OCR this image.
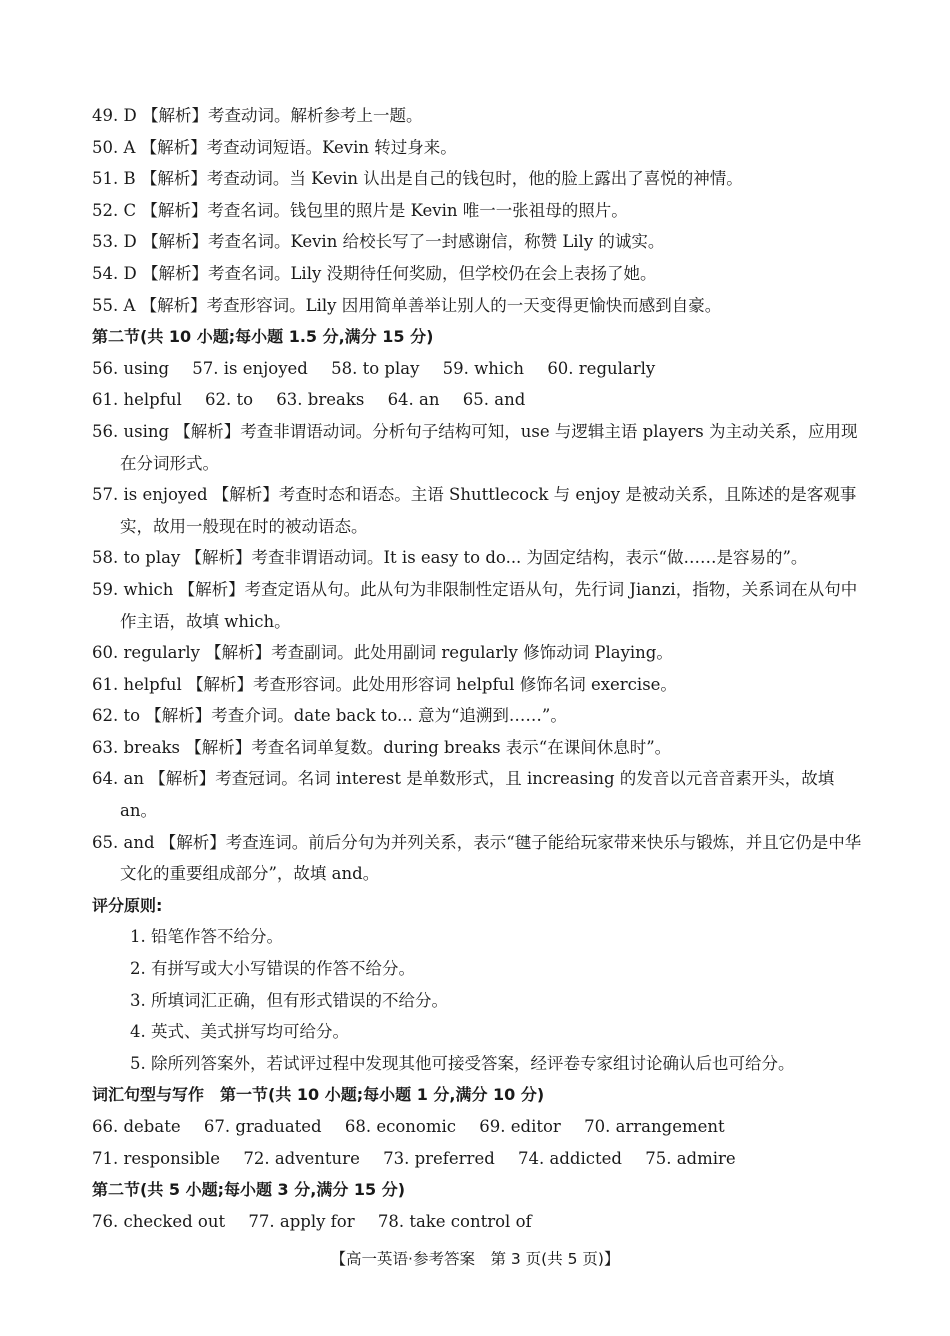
49. D 【解析】考查动词。解析参考上一题。
50. A 【解析】考查动词短语。Kevin 转过身来。
51. B 【解析】考查动词。当 Kevin 认出是自己的钱包时，他的脸上露出了喜悦的神情。
52. C 【解析】考查名词。钱包里的照片是 Kevin 唯一一张祖母的照片。
53. D 【解析】考查名词。Kevin 给校长写了一封感谢信，称赞 Lily 的诚实。
54. D 【解析】考查名词。Lily 没期待任何奖励，但学校仍在会上表扬了她。
55. A 【解析】考查形容词。Lily 因用简单善举让别人的一天变得更愉快而感到自豪。
第二节(共 10 小题;每小题 1.5 分,满分 15 分)
56. using 57. is enjoyed 58. to play 59. which 60. regularly
61. helpful 62. to 63. breaks 64. an 65. and
56. using 【解析】考查非谓语动词。分析句子结构可知，use 与逻辑主语 players 为主动关系，应用现在分词形式。
57. is enjoyed 【解析】考查时态和语态。主语 Shuttlecock 与 enjoy 是被动关系，且陈述的是客观事实，故用一般现在时的被动语态。
58. to play 【解析】考查非谓语动词。It is easy to do... 为固定结构，表示“做……是容易的”。
59. which 【解析】考查定语从句。此从句为非限制性定语从句，先行词 Jianzi，指物，关系词在从句中作主语，故填 which。
60. regularly 【解析】考查副词。此处用副词 regularly 修饰动词 Playing。
61. helpful 【解析】考查形容词。此处用形容词 helpful 修饰名词 exercise。
62. to 【解析】考查介词。date back to... 意为“追溯到……”。
63. breaks 【解析】考查名词单复数。during breaks 表示“在课间休息时”。
64. an 【解析】考查冠词。名词 interest 是单数形式，且 increasing 的发音以元音音素开头，故填 an。
65. and 【解析】考查连词。前后分句为并列关系，表示“毽子能给玩家带来快乐与锻炼，并且它仍是中华文化的重要组成部分”，故填 and。
评分原则:
1. 铅笔作答不给分。
2. 有拼写或大小写错误的作答不给分。
3. 所填词汇正确，但有形式错误的不给分。
4. 英式、美式拼写均可给分。
5. 除所列答案外，若试评过程中发现其他可接受答案，经评卷专家组讨论确认后也可给分。
词汇句型与写作　第一节(共 10 小题;每小题 1 分,满分 10 分)
66. debate 67. graduated 68. economic 69. editor 70. arrangement
71. responsible 72. adventure 73. preferred 74. addicted 75. admire
第二节(共 5 小题;每小题 3 分,满分 15 分)
76. checked out 77. apply for 78. take control of
【高一英语·参考答案　第 3 页(共 5 页)】
